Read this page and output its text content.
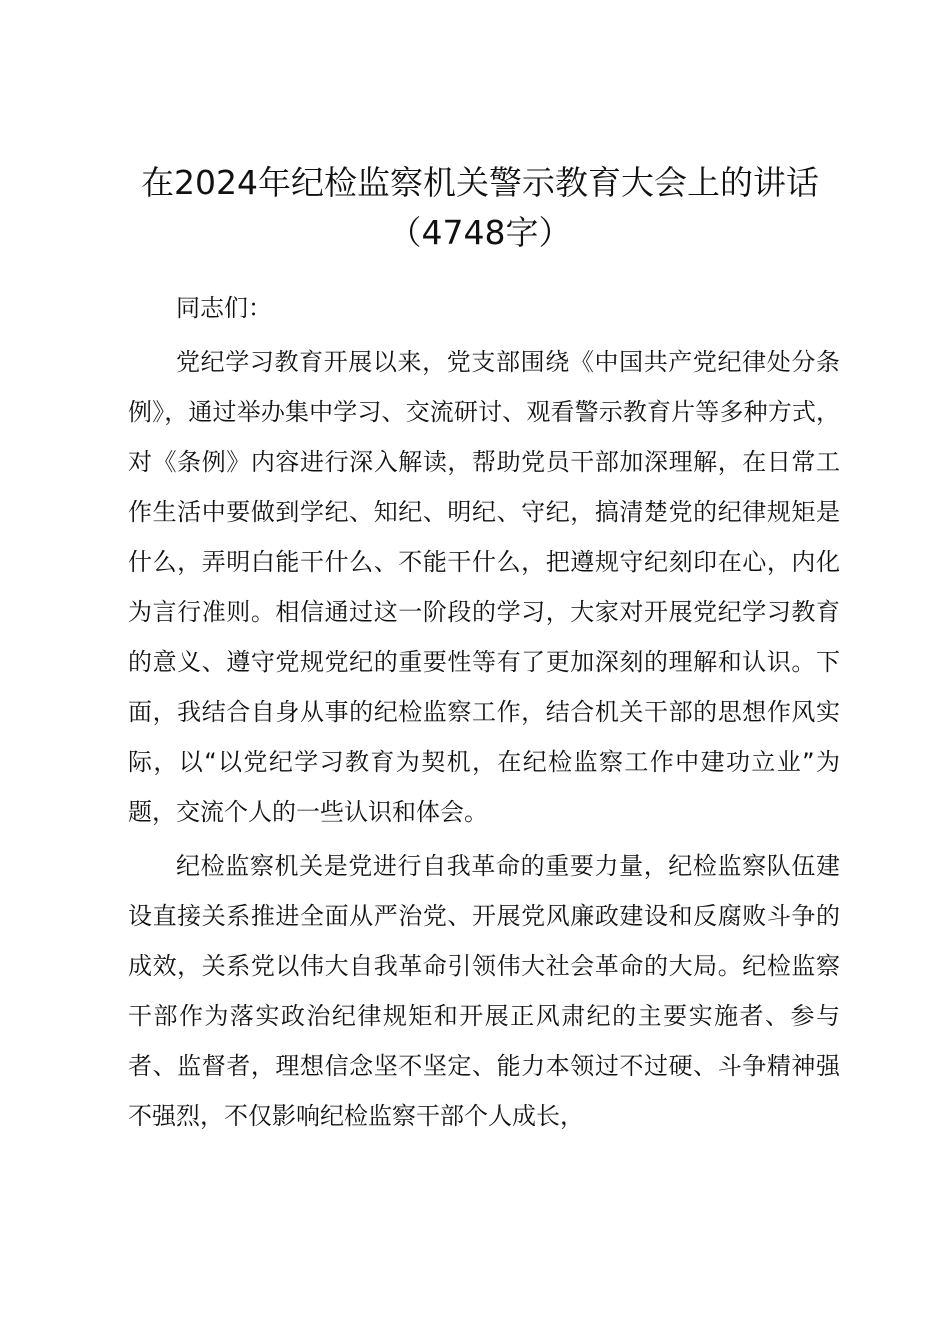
在2024年纪检监察机关警示教育大会上的讲话（4748字）

同志们：

党纪学习教育开展以来，党支部围绕《中国共产党纪律处分条例》，通过举办集中学习、交流研讨、观看警示教育片等多种方式，对《条例》内容进行深入解读，帮助党员干部加深理解，在日常工作生活中要做到学纪、知纪、明纪、守纪，搞清楚党的纪律规矩是什么，弄明白能干什么、不能干什么，把遵规守纪刻印在心，内化为言行准则。相信通过这一阶段的学习，大家对开展党纪学习教育的意义、遵守党规党纪的重要性等有了更加深刻的理解和认识。下面，我结合自身从事的纪检监察工作，结合机关干部的思想作风实际，以“以党纪学习教育为契机，在纪检监察工作中建功立业”为题，交流个人的一些认识和体会。

纪检监察机关是党进行自我革命的重要力量，纪检监察队伍建设直接关系推进全面从严治党、开展党风廉政建设和反腐败斗争的成效，关系党以伟大自我革命引领伟大社会革命的大局。纪检监察干部作为落实政治纪律规矩和开展正风肃纪的主要实施者、参与者、监督者，理想信念坚不坚定、能力本领过不过硬、斗争精神强不强烈，不仅影响纪检监察干部个人成长，
